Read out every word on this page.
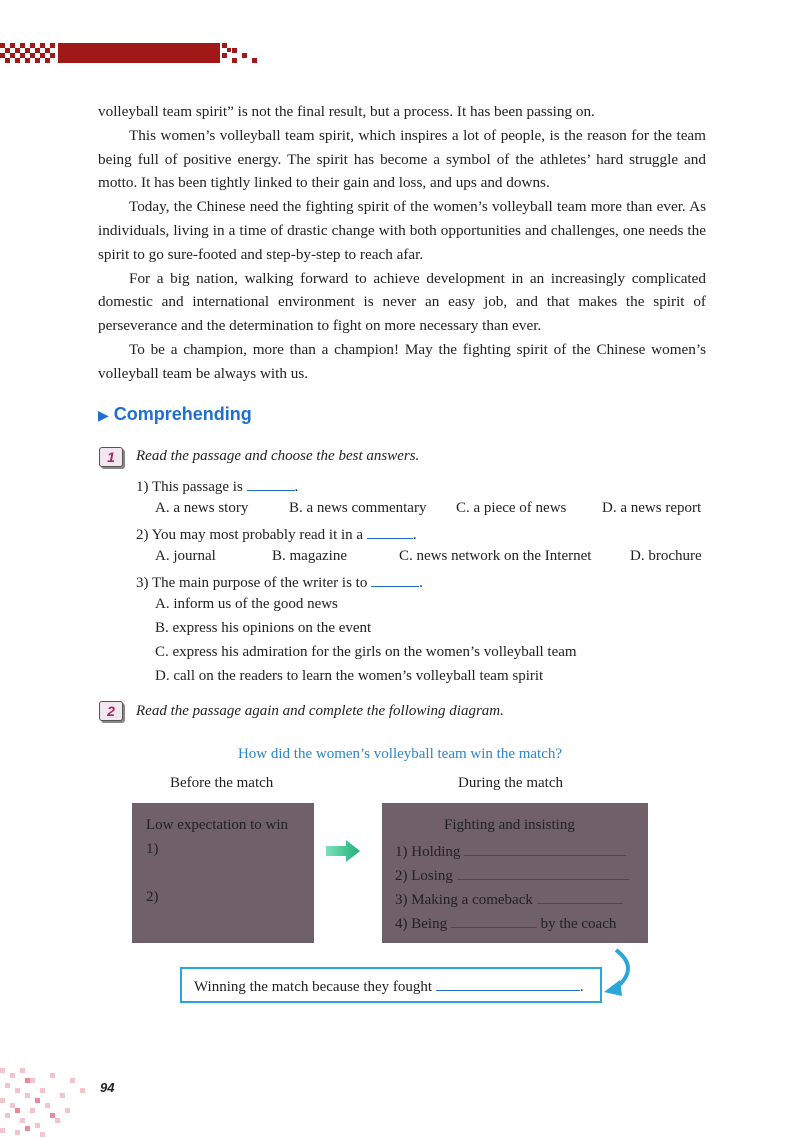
volleyball team spirit” is not the final result, but a process. It has been passing on.

This women’s volleyball team spirit, which inspires a lot of people, is the reason for the team being full of positive energy. The spirit has become a symbol of the athletes’ hard struggle and motto. It has been tightly linked to their gain and loss, and ups and downs.

Today, the Chinese need the fighting spirit of the women’s volleyball team more than ever. As individuals, living in a time of drastic change with both opportunities and challenges, one needs the spirit to go sure-footed and step-by-step to reach afar.

For a big nation, walking forward to achieve development in an increasingly complicated domestic and international environment is never an easy job, and that makes the spirit of perseverance and the determination to fight on more necessary than ever.

To be a champion, more than a champion! May the fighting spirit of the Chinese women’s volleyball team be always with us.

▶ Comprehending
1	Read the passage and choose the best answers.
1) This passage is	.
A. a news story	B. a news commentary C. a piece of news D. a news report
2) You may most probably read it in a	.
A. journal	B. magazine	C. news network on the Internet	D. brochure
3) The main purpose of the writer is to	.
A. inform us of the good news
B. express his opinions on the event
C. express his admiration for the girls on the women’s volleyball team
D. call on the readers to learn the women’s volleyball team spirit
2	Read the passage again and complete the following diagram.
How did the women’s volleyball team win the match?
Before the match	During the match
Low expectation to win
1)
2)
Fighting and insisting
1) Holding
2) Losing
3) Making a comeback
4) Being	by the coach
Winning the match because they fought	.
94
